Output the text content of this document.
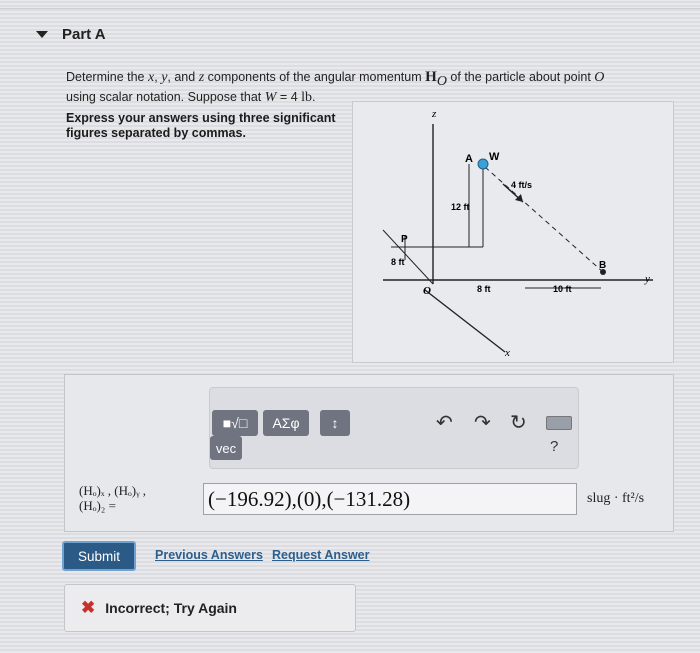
Part A
Determine the x, y, and z components of the angular momentum $H_O$ of the particle about point O
using scalar notation. Suppose that W = 4 lb.
Express your answers using three significant figures separated by commas.
z
A W
4 ft/s
12 ft
P
8 ft
O	8 ft	10 ft
B
y
x
■√□	AΣφ	↕	↶ ↷ ↻
vec	?
(Hₒ)ₓ , (Hₒ)ᵧ ,
(Hₒ)₂ =	(−196.92),(0),(−131.28)	slug · ft²/s
Submit	Previous Answers Request Answer
✖ Incorrect; Try Again
